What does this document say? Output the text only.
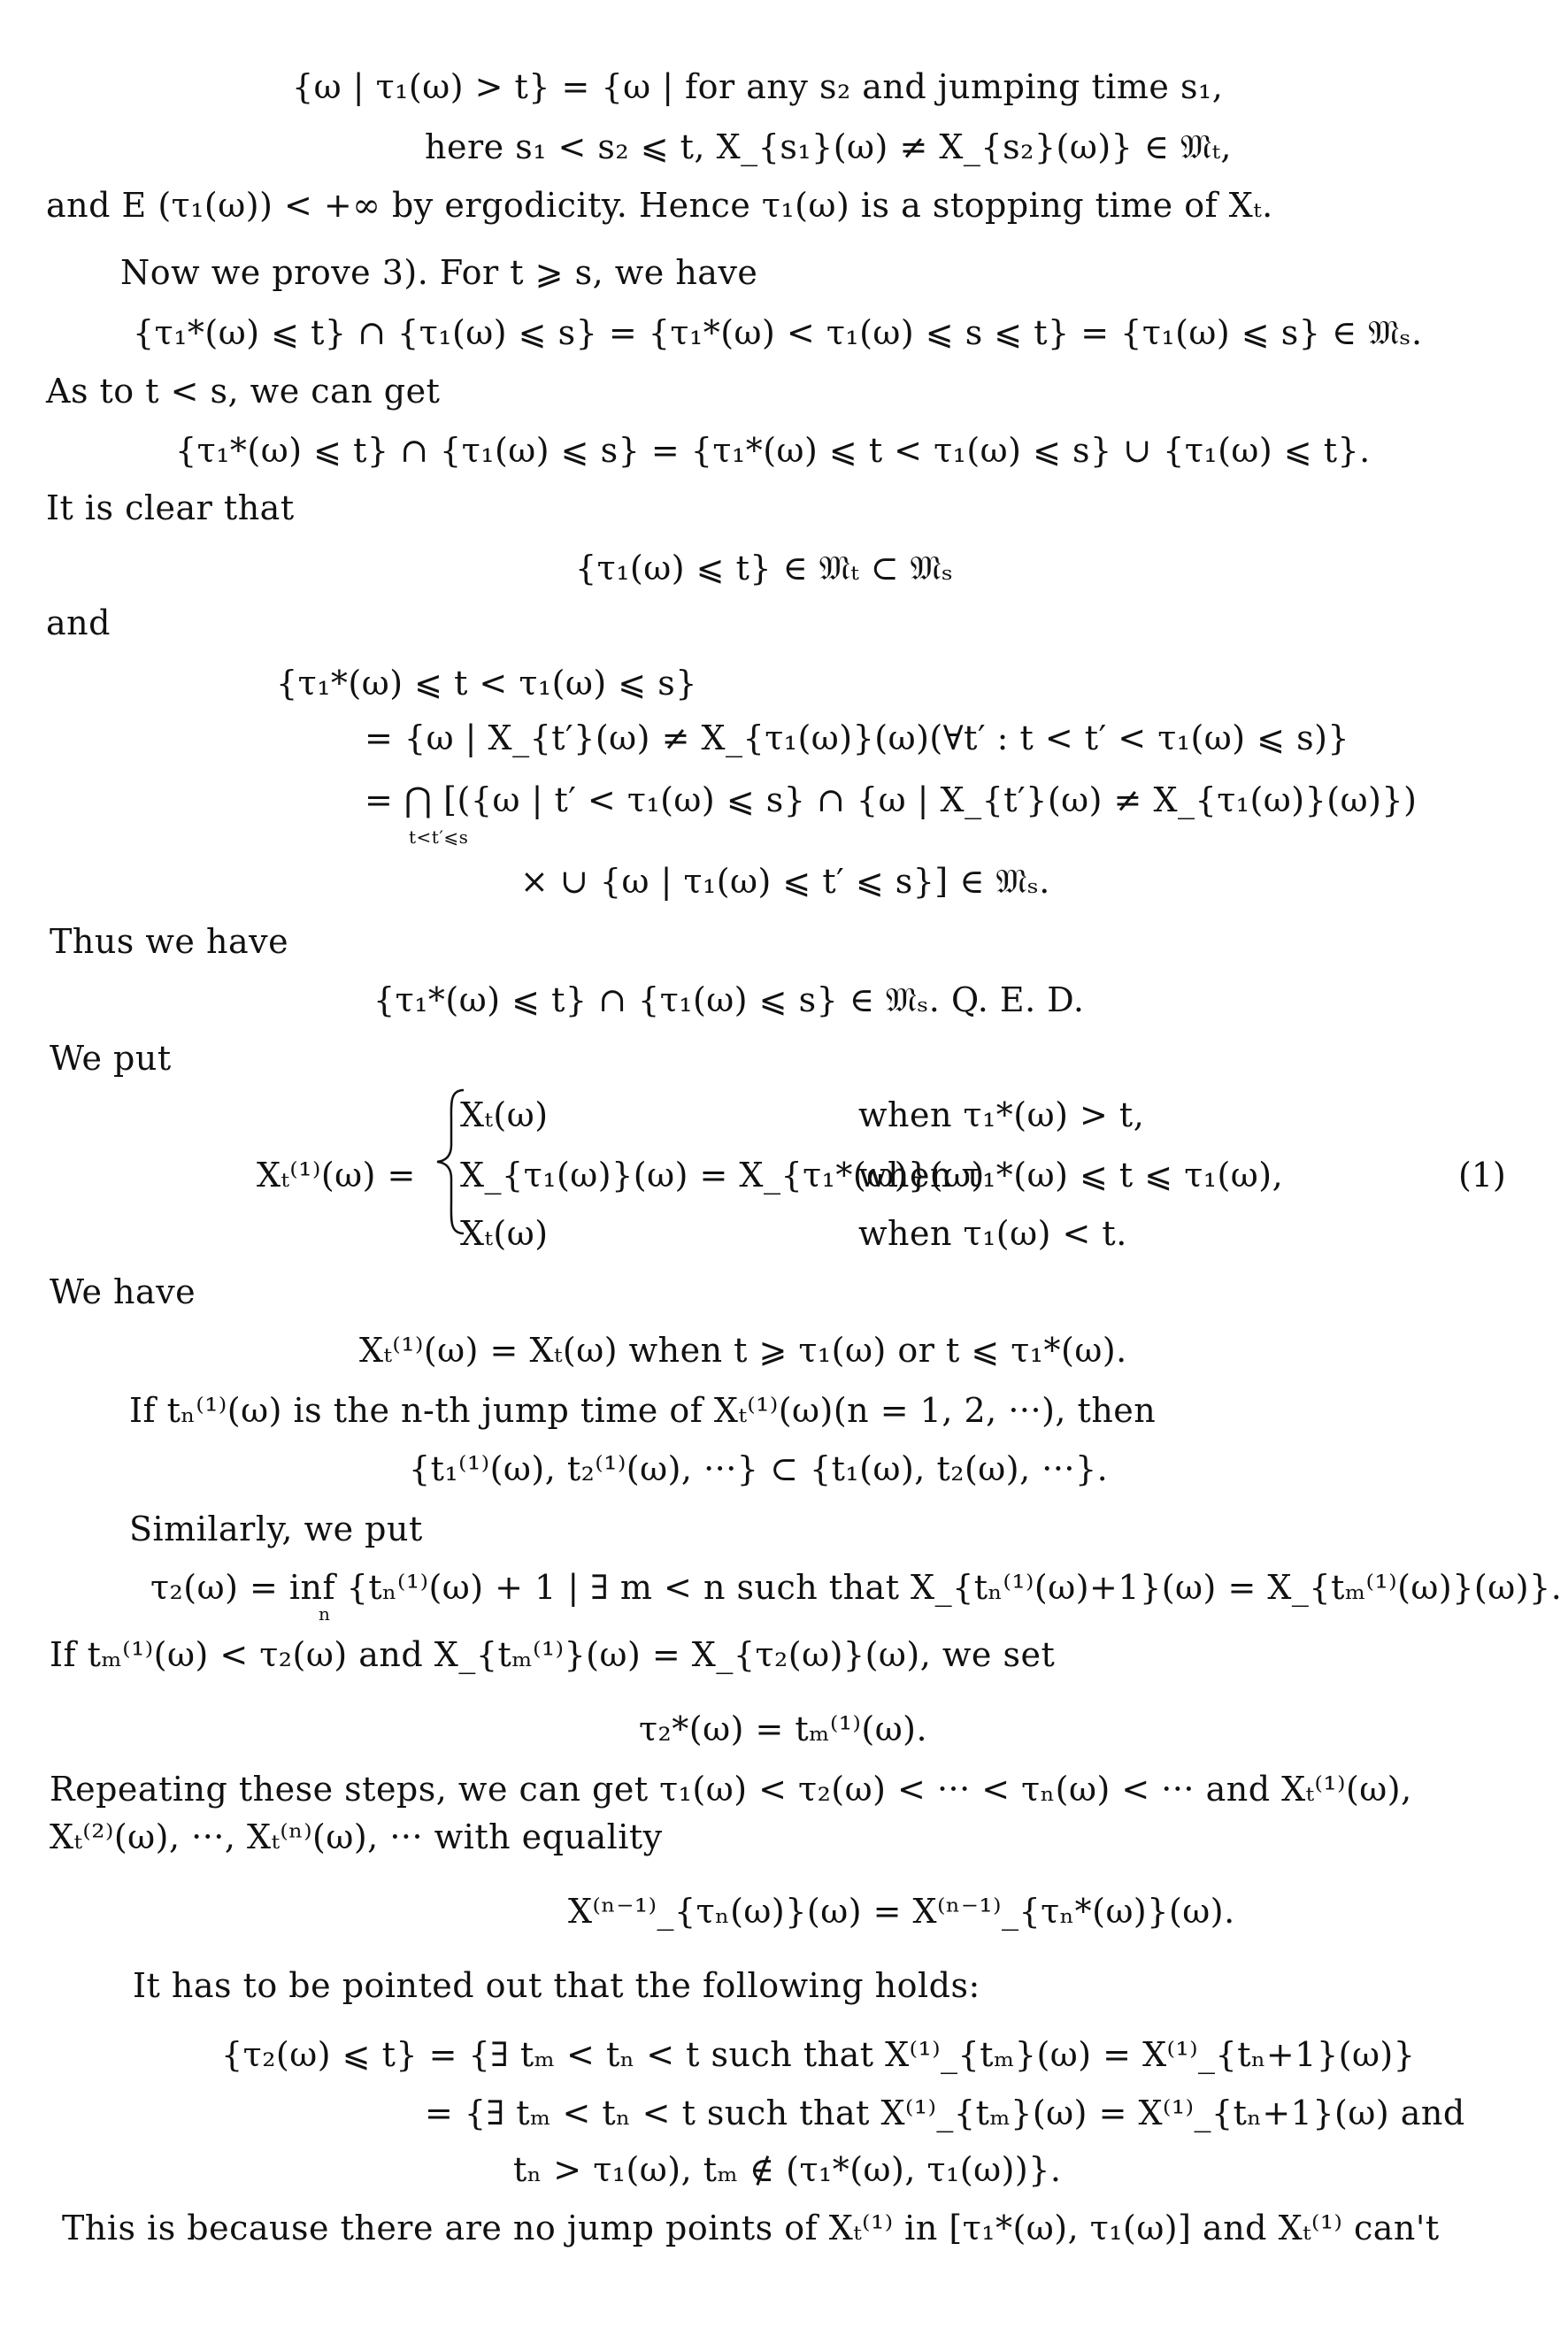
{ω | τ₁(ω) > t} = {ω | for any s₂ and jumping time s₁,
here s₁ < s₂ ⩽ t, X_{s₁}(ω) ≠ X_{s₂}(ω)} ∈ 𝔐ₜ,
and E (τ₁(ω)) < +∞ by ergodicity. Hence τ₁(ω) is a stopping time of Xₜ.
Now we prove 3). For t ⩾ s, we have
{τ₁*(ω) ⩽ t} ∩ {τ₁(ω) ⩽ s} = {τ₁*(ω) < τ₁(ω) ⩽ s ⩽ t} = {τ₁(ω) ⩽ s} ∈ 𝔐ₛ.
As to t < s, we can get
{τ₁*(ω) ⩽ t} ∩ {τ₁(ω) ⩽ s} = {τ₁*(ω) ⩽ t < τ₁(ω) ⩽ s} ∪ {τ₁(ω) ⩽ t}.
It is clear that
{τ₁(ω) ⩽ t} ∈ 𝔐ₜ ⊂ 𝔐ₛ
and
{τ₁*(ω) ⩽ t < τ₁(ω) ⩽ s}
= {ω | X_{t′}(ω) ≠ X_{τ₁(ω)}(ω)(∀t′ : t < t′ < τ₁(ω) ⩽ s)}
= ⋂ [({ω | t′ < τ₁(ω) ⩽ s} ∩ {ω | X_{t′}(ω) ≠ X_{τ₁(ω)}(ω)})
t<t′⩽s
× ∪ {ω | τ₁(ω) ⩽ t′ ⩽ s}] ∈ 𝔐ₛ.
Thus we have
{τ₁*(ω) ⩽ t} ∩ {τ₁(ω) ⩽ s} ∈ 𝔐ₛ. Q. E. D.
We put
Xₜ⁽¹⁾(ω) =
Xₜ(ω)	when τ₁*(ω) > t,
X_{τ₁(ω)}(ω) = X_{τ₁*(ω)}(ω)
when τ₁*(ω) ⩽ t ⩽ τ₁(ω),
Xₜ(ω)	when τ₁(ω) < t.
(1)
We have
Xₜ⁽¹⁾(ω) = Xₜ(ω) when t ⩾ τ₁(ω) or t ⩽ τ₁*(ω).
If tₙ⁽¹⁾(ω) is the n-th jump time of Xₜ⁽¹⁾(ω)(n = 1, 2, ···), then
{t₁⁽¹⁾(ω), t₂⁽¹⁾(ω), ···} ⊂ {t₁(ω), t₂(ω), ···}.
Similarly, we put
τ₂(ω) = inf {tₙ⁽¹⁾(ω) + 1 | ∃ m < n such that X_{tₙ⁽¹⁾(ω)+1}(ω) = X_{tₘ⁽¹⁾(ω)}(ω)}.
n
If tₘ⁽¹⁾(ω) < τ₂(ω) and X_{tₘ⁽¹⁾}(ω) = X_{τ₂(ω)}(ω), we set
τ₂*(ω) = tₘ⁽¹⁾(ω).
Repeating these steps, we can get τ₁(ω) < τ₂(ω) < ··· < τₙ(ω) < ··· and Xₜ⁽¹⁾(ω),
Xₜ⁽²⁾(ω), ···, Xₜ⁽ⁿ⁾(ω), ··· with equality
X⁽ⁿ⁻¹⁾_{τₙ(ω)}(ω) = X⁽ⁿ⁻¹⁾_{τₙ*(ω)}(ω).
It has to be pointed out that the following holds:
{τ₂(ω) ⩽ t} = {∃ tₘ < tₙ < t such that X⁽¹⁾_{tₘ}(ω) = X⁽¹⁾_{tₙ+1}(ω)}
= {∃ tₘ < tₙ < t such that X⁽¹⁾_{tₘ}(ω) = X⁽¹⁾_{tₙ+1}(ω) and
tₙ > τ₁(ω), tₘ ∉ (τ₁*(ω), τ₁(ω))}.
This is because there are no jump points of Xₜ⁽¹⁾ in [τ₁*(ω), τ₁(ω)] and Xₜ⁽¹⁾ can't
